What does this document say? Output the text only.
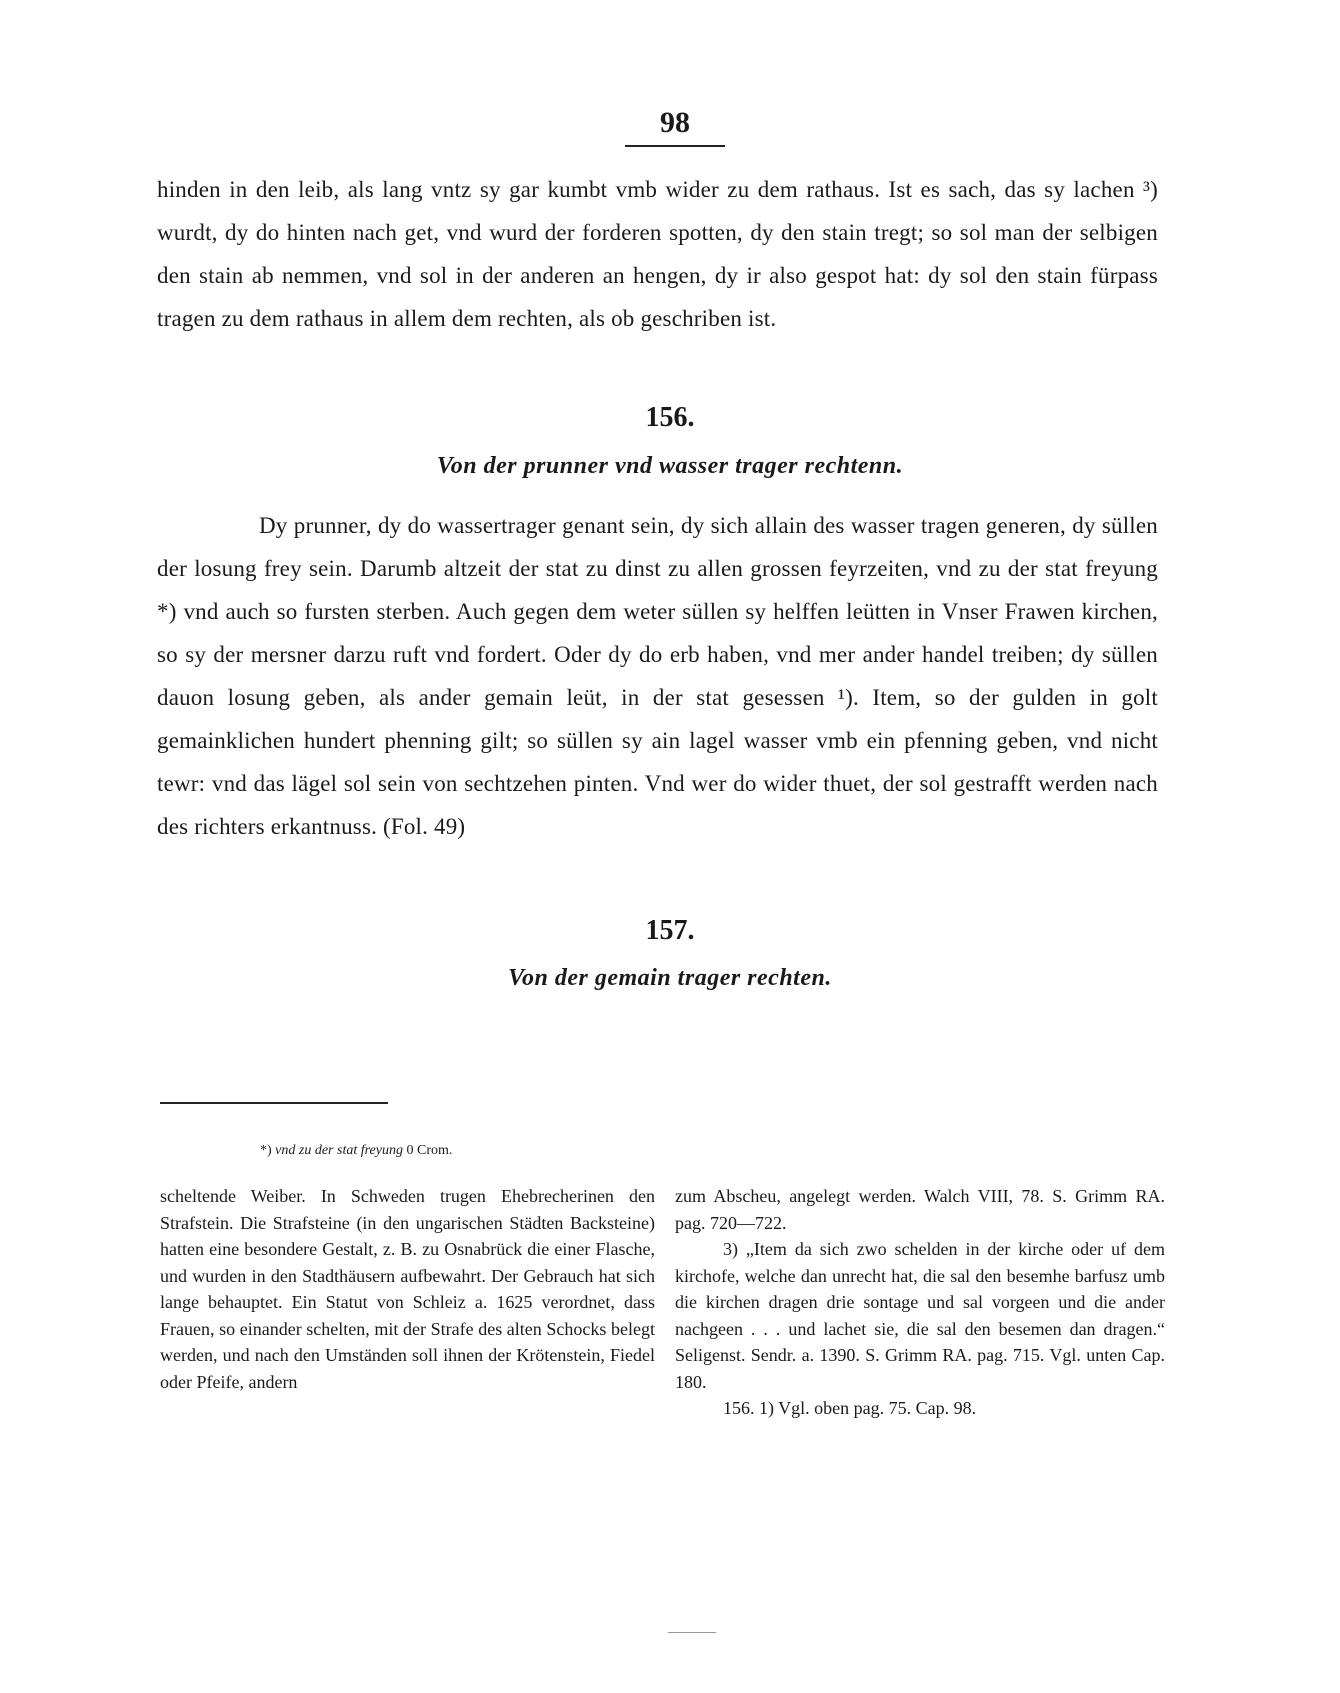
98

hinden in den leib, als lang vntz sy gar kumbt vmb wider zu dem rathaus. Ist es sach, das sy lachen ³) wurdt, dy do hinten nach get, vnd wurd der forderen spotten, dy den stain tregt; so sol man der selbigen den stain ab nemmen, vnd sol in der anderen an hengen, dy ir also gespot hat: dy sol den stain fürpass tragen zu dem rathaus in allem dem rechten, als ob geschriben ist.

156.
Von der prunner vnd wasser trager rechtenn.

Dy prunner, dy do wassertrager genant sein, dy sich allain des wasser tragen generen, dy süllen der losung frey sein. Darumb altzeit der stat zu dinst zu allen grossen feyrzeiten, vnd zu der stat freyung *) vnd auch so fursten sterben. Auch gegen dem weter süllen sy helffen leütten in Vnser Frawen kirchen, so sy der mersner darzu ruft vnd fordert. Oder dy do erb haben, vnd mer ander handel treiben; dy süllen dauon losung geben, als ander gemain leüt, in der stat gesessen ¹). Item, so der gulden in golt gemainklichen hundert phenning gilt; so süllen sy ain lagel wasser vmb ein pfenning geben, vnd nicht tewr: vnd das lägel sol sein von sechtzehen pinten. Vnd wer do wider thuet, der sol gestrafft werden nach des richters erkantnuss. (Fol. 49)

157.
Von der gemain trager rechten.
*) vnd zu der stat freyung 0 Crom.

scheltende Weiber. In Schweden trugen Ehebrecherinen den Strafstein. Die Strafsteine (in den ungarischen Städten Backsteine) hatten eine besondere Gestalt, z. B. zu Osnabrück die einer Flasche, und wurden in den Stadthäusern aufbewahrt. Der Gebrauch hat sich lange behauptet. Ein Statut von Schleiz a. 1625 verordnet, dass Frauen, so einander schelten, mit der Strafe des alten Schocks belegt werden, und nach den Umständen soll ihnen der Krötenstein, Fiedel oder Pfeife, andern

zum Abscheu, angelegt werden. Walch VIII, 78. S. Grimm RA. pag. 720—722.

3) „Item da sich zwo schelden in der kirche oder uf dem kirchofe, welche dan unrecht hat, die sal den besemhe barfusz umb die kirchen dragen drie sontage und sal vorgeen und die ander nachgeen . . . und lachet sie, die sal den besemen dan dragen.“ Seligenst. Sendr. a. 1390. S. Grimm RA. pag. 715. Vgl. unten Cap. 180.

156. 1) Vgl. oben pag. 75. Cap. 98.
